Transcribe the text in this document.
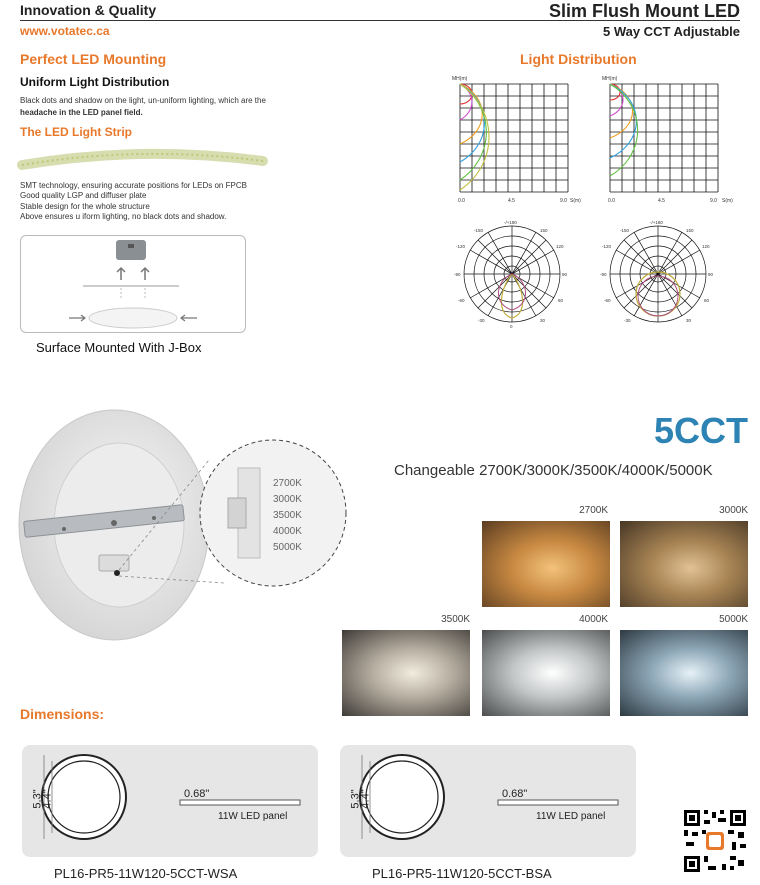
Innovation & Quality
www.votatec.ca
Slim Flush Mount LED
5 Way CCT Adjustable
Perfect LED Mounting
Uniform Light Distribution
Black dots and shadow on the light, un-uniform lighting, which are the
headache in the LED panel field.
The LED Light Strip
SMT technology, ensuring accurate positions for LEDs on FPCB
Good quality LGP and diffuser plate
Stable design for the whole structure
Above ensures u iform lighting, no black dots and shadow.
Surface Mounted With J-Box
Light Distribution
MH(m)
0.0	4.5	9.0 S(m)
MH(m)
0.0	4.5	9.0 S(m)
-/+180
-150	150
-120	120
-90	90
-60	60
-30	30
0
-/+180
-150	150
-120	120
-90	90
-60	60
-30	30
2700K
3000K
3500K
4000K
5000K
5CCT
Changeable 2700K/3000K/3500K/4000K/5000K
2700K	3000K
3500K	4000K	5000K
Dimensions:
5.3"
4.4"	0.68"
11W LED panel
PL16-PR5-11W120-5CCT-WSA
5.3"
4.4"	0.68"
11W LED panel
PL16-PR5-11W120-5CCT-BSA
